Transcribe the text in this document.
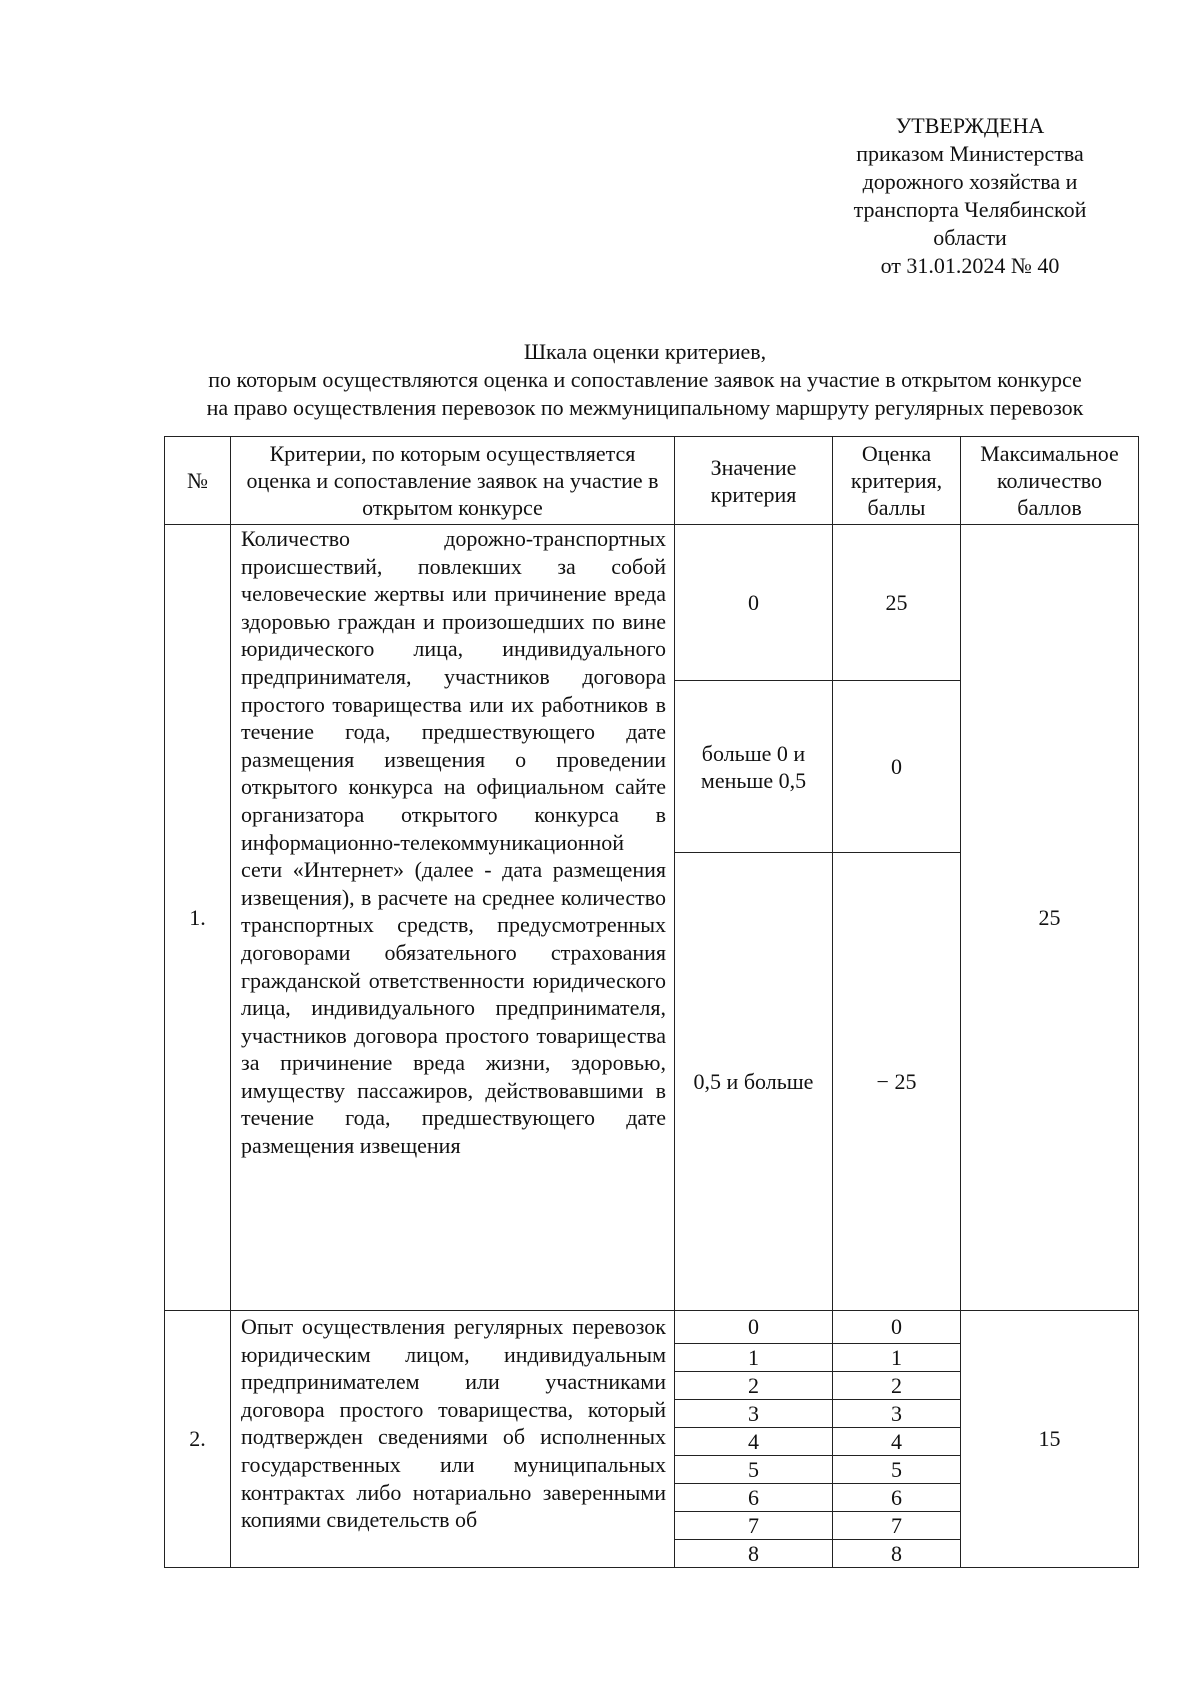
УТВЕРЖДЕНА
приказом Министерства
дорожного хозяйства и
транспорта Челябинской
области
от 31.01.2024 № 40
Шкала оценки критериев,
по которым осуществляются оценка и сопоставление заявок на участие в открытом конкурсе
на право осуществления перевозок по межмуниципальному маршруту регулярных перевозок
№	Критерии, по которым осуществляется оценка и сопоставление заявок на участие в открытом конкурсе	Значение критерия	Оценка критерия, баллы	Максимальное количество баллов
1.	Количество дорожно-транспортных происшествий, повлекших за собой человеческие жертвы или причинение вреда здоровью граждан и произошедших по вине юридического лица, индивидуального предпринимателя, участников договора простого товарищества или их работников в течение года, предшествующего дате размещения извещения о проведении открытого конкурса на официальном сайте организатора открытого конкурса в информационно-телекоммуникационной сети «Интернет» (далее - дата размещения извещения), в расчете на среднее количество транспортных средств, предусмотренных договорами обязательного страхования гражданской ответственности юридического лица, индивидуального предпринимателя, участников договора простого товарищества за причинение вреда жизни, здоровью, имуществу пассажиров, действовавшими в течение года, предшествующего дате размещения извещения	0	25	25
		больше 0 и меньше 0,5	0	
		0,5 и больше	− 25	
2.	Опыт осуществления регулярных перевозок юридическим лицом, индивидуальным предпринимателем или участниками договора простого товарищества, который подтвержден сведениями об исполненных государственных или муниципальных контрактах либо нотариально заверенными копиями свидетельств об	0	0	15
		1	1	
		2	2	
		3	3	
		4	4	
		5	5	
		6	6	
		7	7	
		8	8	
